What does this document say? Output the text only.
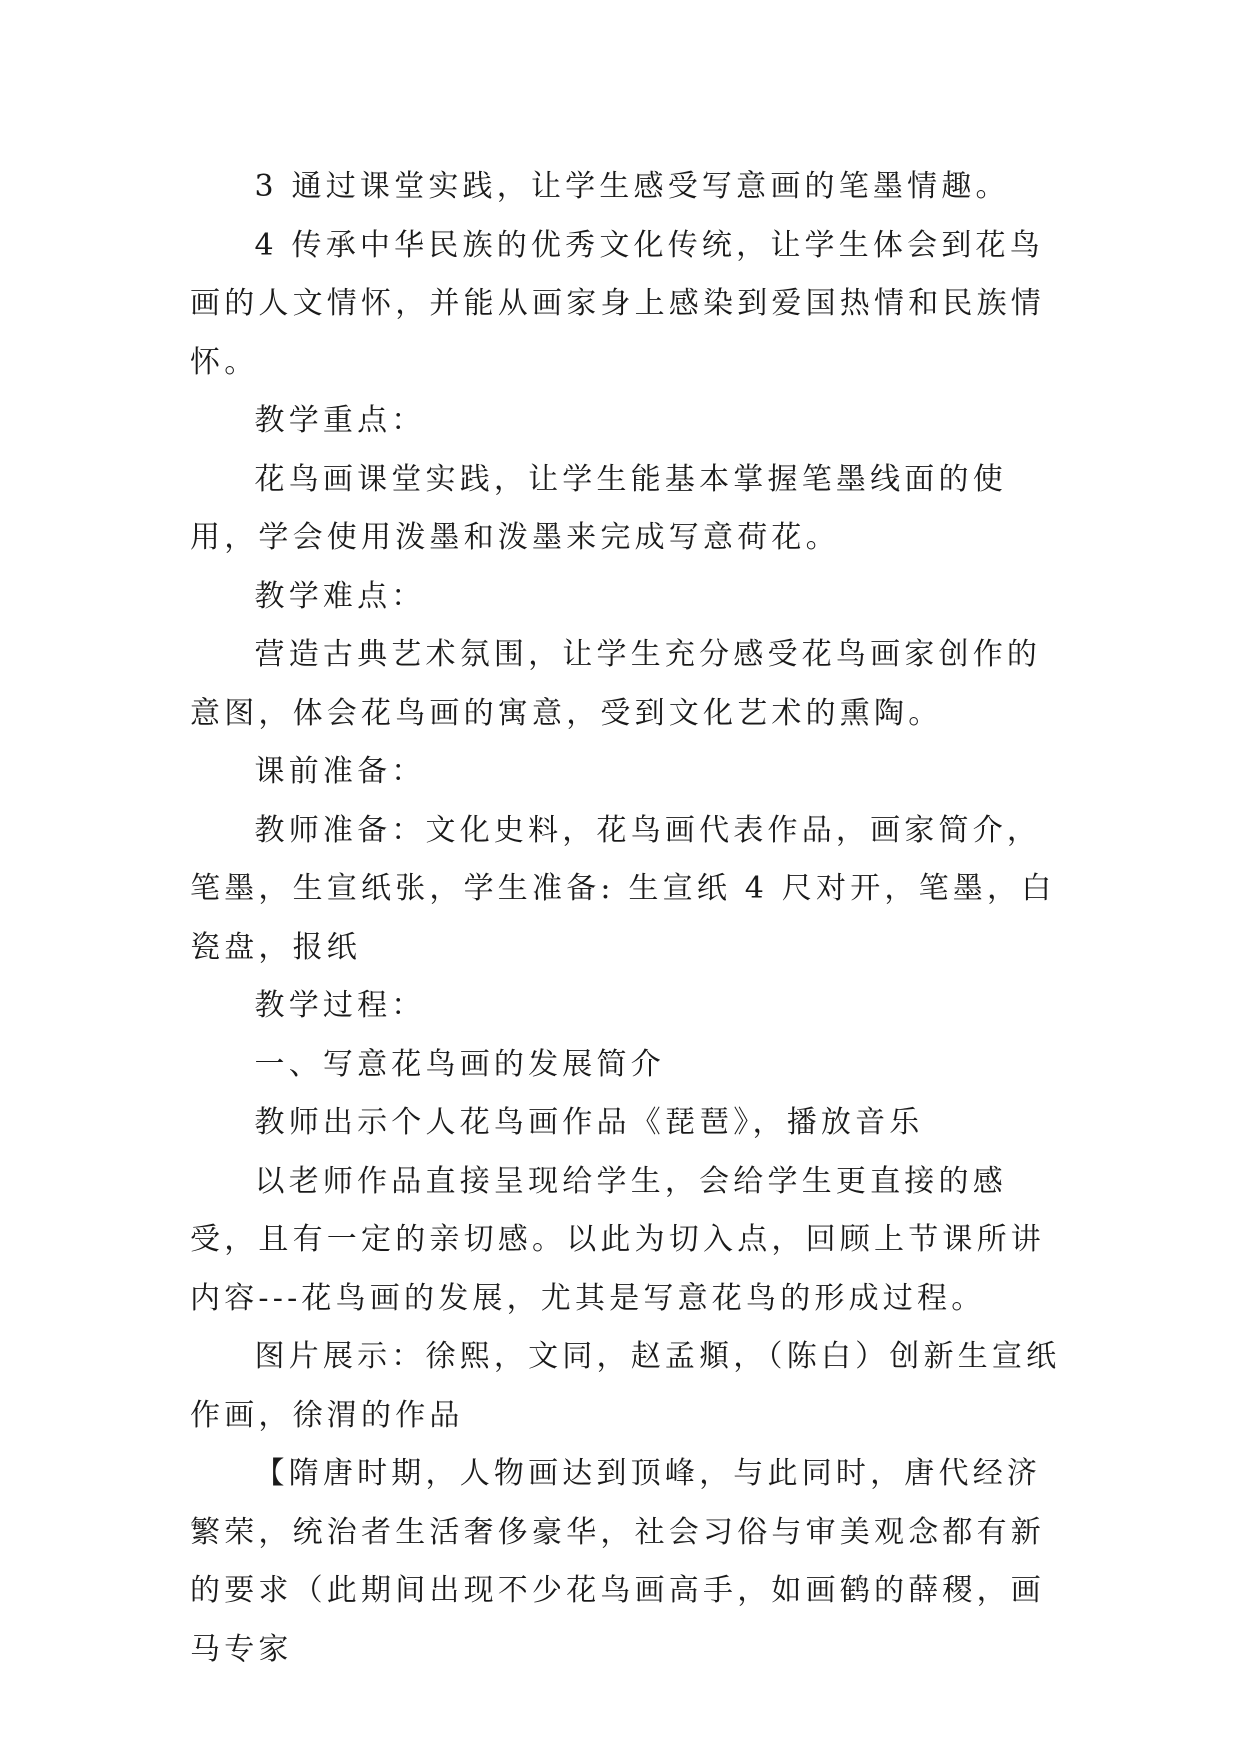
3 通过课堂实践，让学生感受写意画的笔墨情趣。

4 传承中华民族的优秀文化传统，让学生体会到花鸟画的人文情怀，并能从画家身上感染到爱国热情和民族情怀。

教学重点：

花鸟画课堂实践，让学生能基本掌握笔墨线面的使用，学会使用泼墨和泼墨来完成写意荷花。

教学难点：

营造古典艺术氛围，让学生充分感受花鸟画家创作的意图，体会花鸟画的寓意，受到文化艺术的熏陶。

课前准备：

教师准备：文化史料，花鸟画代表作品，画家简介，笔墨，生宣纸张，学生准备: 生宣纸 4 尺对开，笔墨，白瓷盘，报纸

教学过程：

一、写意花鸟画的发展简介

教师出示个人花鸟画作品《琵琶》，播放音乐

以老师作品直接呈现给学生，会给学生更直接的感受，且有一定的亲切感。以此为切入点，回顾上节课所讲内容---花鸟画的发展，尤其是写意花鸟的形成过程。

图片展示：徐熙，文同，赵孟頫，（陈白）创新生宣纸作画，徐渭的作品

【隋唐时期，人物画达到顶峰，与此同时，唐代经济繁荣，统治者生活奢侈豪华，社会习俗与审美观念都有新的要求（此期间出现不少花鸟画高手，如画鹤的薛稷，画马专家
